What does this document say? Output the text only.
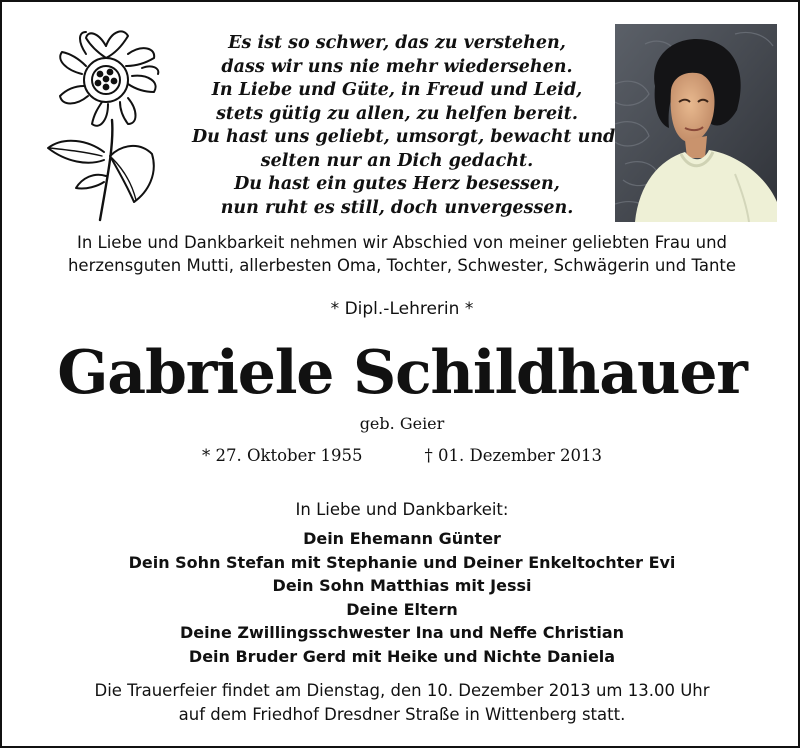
Es ist so schwer, das zu verstehen,
dass wir uns nie mehr wiedersehen.
In Liebe und Güte, in Freud und Leid,
stets gütig zu allen, zu helfen bereit.
Du hast uns geliebt, umsorgt, bewacht und
selten nur an Dich gedacht.
Du hast ein gutes Herz besessen,
nun ruht es still, doch unvergessen.
In Liebe und Dankbarkeit nehmen wir Abschied von meiner geliebten Frau und
herzensguten Mutti, allerbesten Oma, Tochter, Schwester, Schwägerin und Tante
* Dipl.-Lehrerin *
Gabriele Schildhauer
geb. Geier
* 27. Oktober 1955	† 01. Dezember 2013
In Liebe und Dankbarkeit:
Dein Ehemann Günter
Dein Sohn Stefan mit Stephanie und Deiner Enkeltochter Evi
Dein Sohn Matthias mit Jessi
Deine Eltern
Deine Zwillingsschwester Ina und Neffe Christian
Dein Bruder Gerd mit Heike und Nichte Daniela
Die Trauerfeier findet am Dienstag, den 10. Dezember 2013 um 13.00 Uhr
auf dem Friedhof Dresdner Straße in Wittenberg statt.
